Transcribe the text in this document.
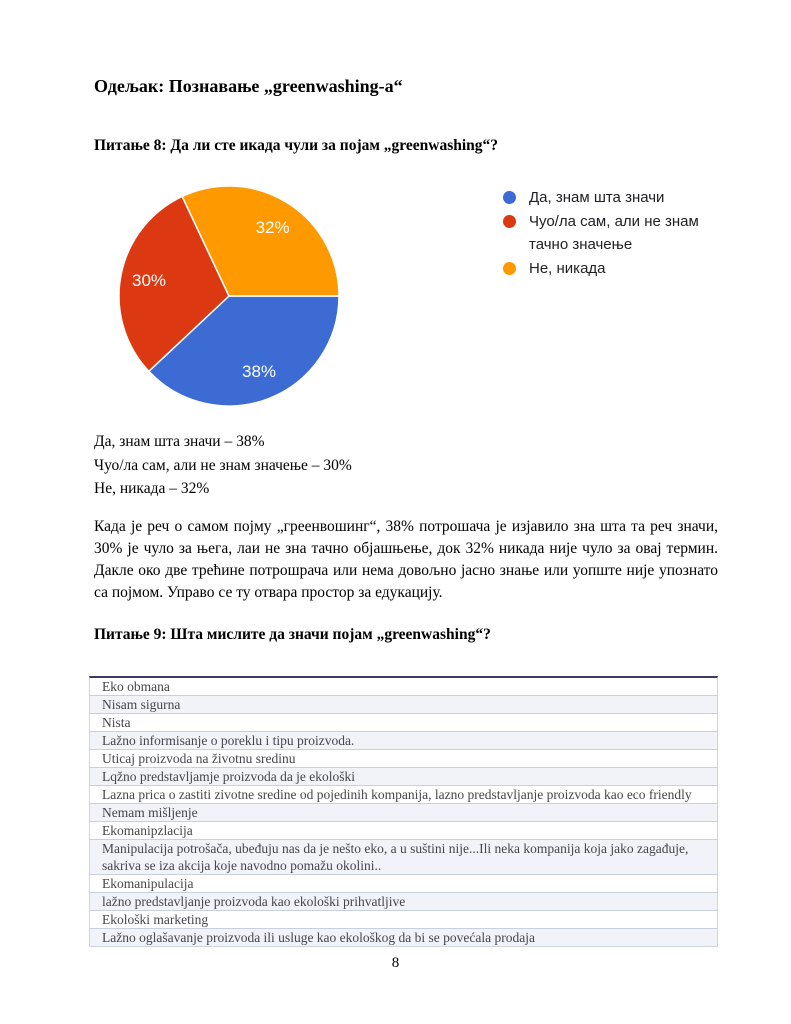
Одељак: Познавање „greenwashing-a“
Питање 8: Да ли сте икада чули за појам „greenwashing“?
38%
30%
32%
Да, знам шта значи
Чуо/ла сам, али не знам тачно значење
Не, никада
Да, знам шта значи – 38%
Чуо/ла сам, али не знам значење – 30%
Не, никада – 32%

Када је реч о самом појму „греенвошинг“, 38% потрошача је изјавило зна шта та реч значи, 30% је чуло за њега, лаи не зна тачно објашњење, док 32% никада није чуло за овај термин. Дакле око две трећине потрошрача или нема довољно јасно знање или уопште није упознато са појмом. Управо се ту отвара простор за едукацију.

Питање 9: Шта мислите да значи појам „greenwashing“?
Eko obmana
Nisam sigurna
Nista
Lažno informisanje o poreklu i tipu proizvoda.
Uticaj proizvoda na životnu sredinu
Lqžno predstavljamje proizvoda da je ekološki
Lazna prica o zastiti zivotne sredine od pojedinih kompanija, lazno predstavljanje proizvoda kao eco friendly
Nemam mišljenje
Ekomanipzlacija
Manipulacija potrošača, ubeđuju nas da je nešto eko, a u suštini nije...Ili neka kompanija koja jako zagađuje, sakriva se iza akcija koje navodno pomažu okolini..
Ekomanipulacija
lažno predstavljanje proizvoda kao ekološki prihvatljive
Ekološki marketing
Lažno oglašavanje proizvoda ili usluge kao ekološkog da bi se povećala prodaja
8
